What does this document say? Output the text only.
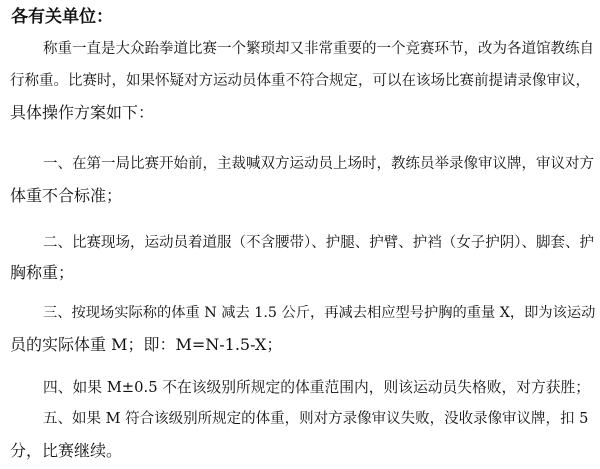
各有关单位：
称重一直是大众跆拳道比赛一个繁琐却又非常重要的一个竞赛环节，改为各道馆教练自
行称重。比赛时，如果怀疑对方运动员体重不符合规定，可以在该场比赛前提请录像审议，
具体操作方案如下：
一、在第一局比赛开始前，主裁喊双方运动员上场时，教练员举录像审议牌，审议对方
体重不合标准；
二、比赛现场，运动员着道服（不含腰带）、护腿、护臂、护裆（女子护阴）、脚套、护
胸称重；
三、按现场实际称的体重 N 减去 1.5 公斤，再减去相应型号护胸的重量 X，即为该运动
员的实际体重 M；即：M=N-1.5-X；
四、如果 M±0.5 不在该级别所规定的体重范围内，则该运动员失格败，对方获胜；
五、如果 M 符合该级别所规定的体重，则对方录像审议失败，没收录像审议牌，扣 5
分，比赛继续。
